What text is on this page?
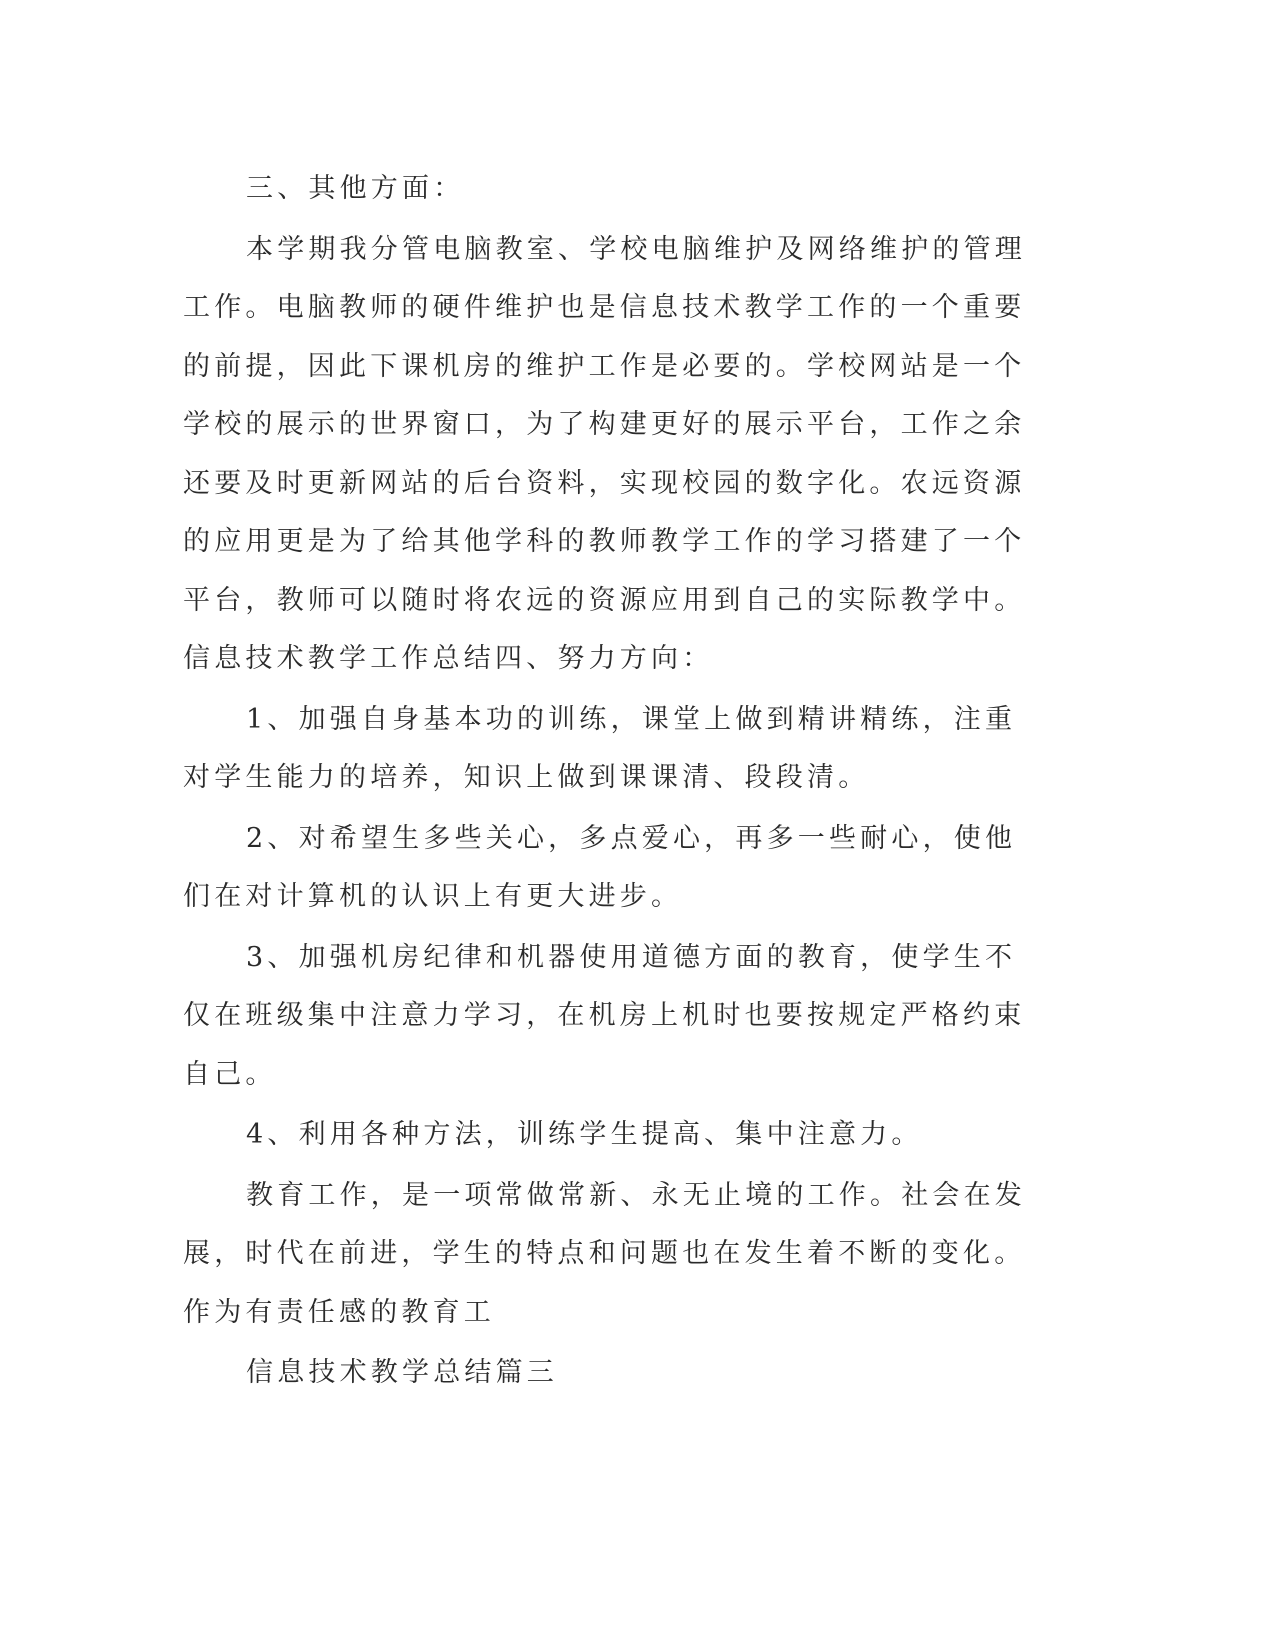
三、其他方面：

本学期我分管电脑教室、学校电脑维护及网络维护的管理工作。电脑教师的硬件维护也是信息技术教学工作的一个重要的前提，因此下课机房的维护工作是必要的。学校网站是一个学校的展示的世界窗口，为了构建更好的展示平台，工作之余还要及时更新网站的后台资料，实现校园的数字化。农远资源的应用更是为了给其他学科的教师教学工作的学习搭建了一个平台，教师可以随时将农远的资源应用到自己的实际教学中。信息技术教学工作总结四、努力方向：

1、加强自身基本功的训练，课堂上做到精讲精练，注重对学生能力的培养，知识上做到课课清、段段清。

2、对希望生多些关心，多点爱心，再多一些耐心，使他们在对计算机的认识上有更大进步。

3、加强机房纪律和机器使用道德方面的教育，使学生不仅在班级集中注意力学习，在机房上机时也要按规定严格约束自己。

4、利用各种方法，训练学生提高、集中注意力。

教育工作，是一项常做常新、永无止境的工作。社会在发展，时代在前进，学生的特点和问题也在发生着不断的变化。作为有责任感的教育工

信息技术教学总结篇三
